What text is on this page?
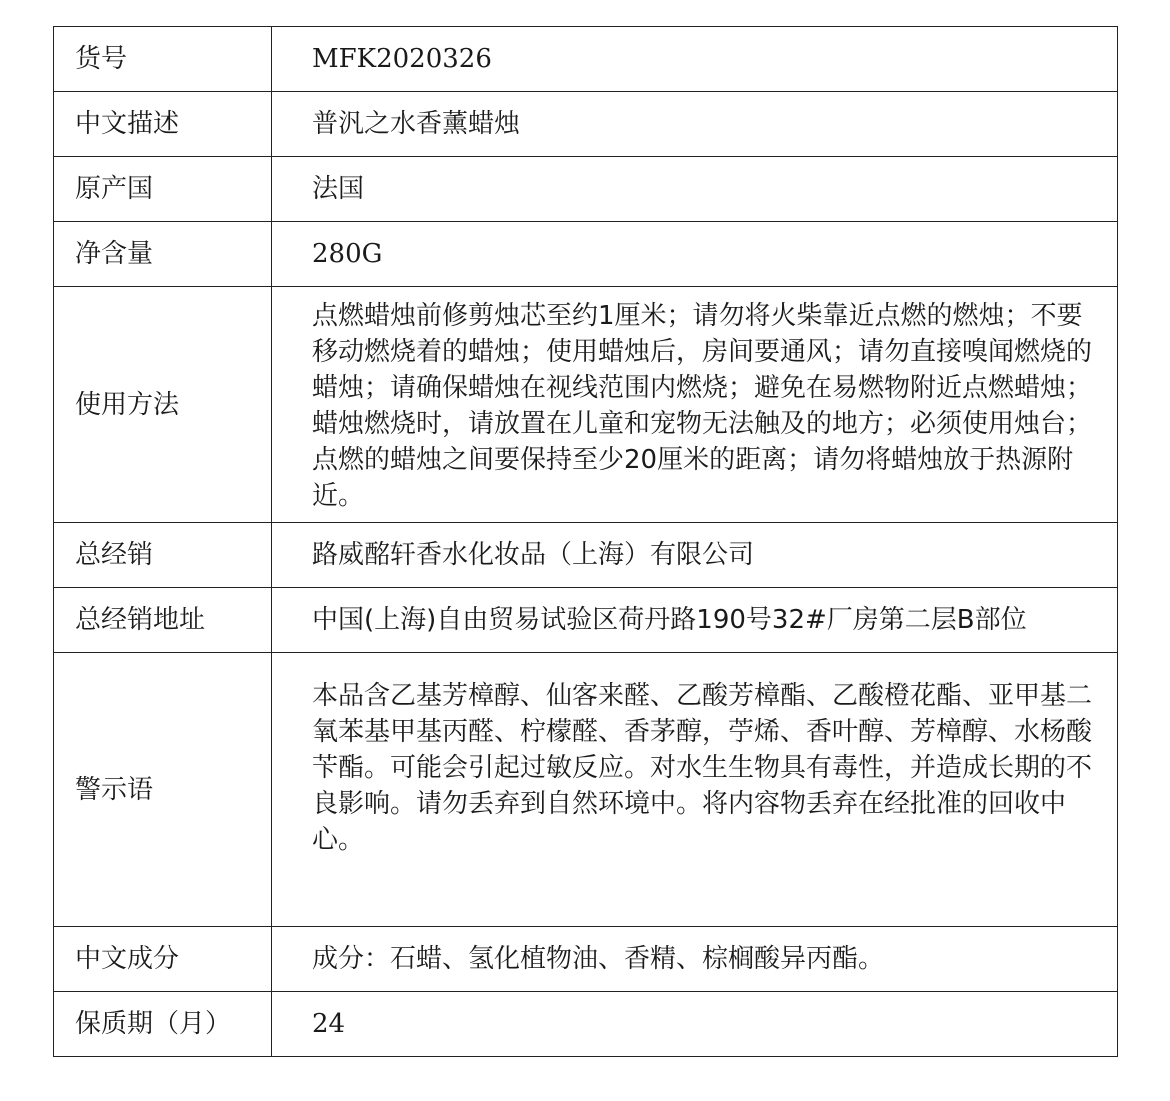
货号	MFK2020326
中文描述	普汎之水香薰蜡烛
原产国	法国
净含量	280G
使用方法	点燃蜡烛前修剪烛芯至约1厘米；请勿将火柴靠近点燃的燃烛；不要移动燃烧着的蜡烛；使用蜡烛后，房间要通风；请勿直接嗅闻燃烧的蜡烛；请确保蜡烛在视线范围内燃烧；避免在易燃物附近点燃蜡烛；蜡烛燃烧时，请放置在儿童和宠物无法触及的地方；必须使用烛台；点燃的蜡烛之间要保持至少20厘米的距离；请勿将蜡烛放于热源附近。

总经销	路威酩轩香水化妆品（上海）有限公司
总经销地址	中国(上海)自由贸易试验区荷丹路190号32#厂房第二层B部位
警示语	本品含乙基芳樟醇、仙客来醛、乙酸芳樟酯、乙酸橙花酯、亚甲基二氧苯基甲基丙醛、柠檬醛、香茅醇，苧烯、香叶醇、芳樟醇、水杨酸苄酯。可能会引起过敏反应。对水生生物具有毒性，并造成长期的不良影响。请勿丢弃到自然环境中。将内容物丢弃在经批准的回收中心。

中文成分	成分：石蜡、氢化植物油、香精、棕榈酸异丙酯。
保质期（月）	24
